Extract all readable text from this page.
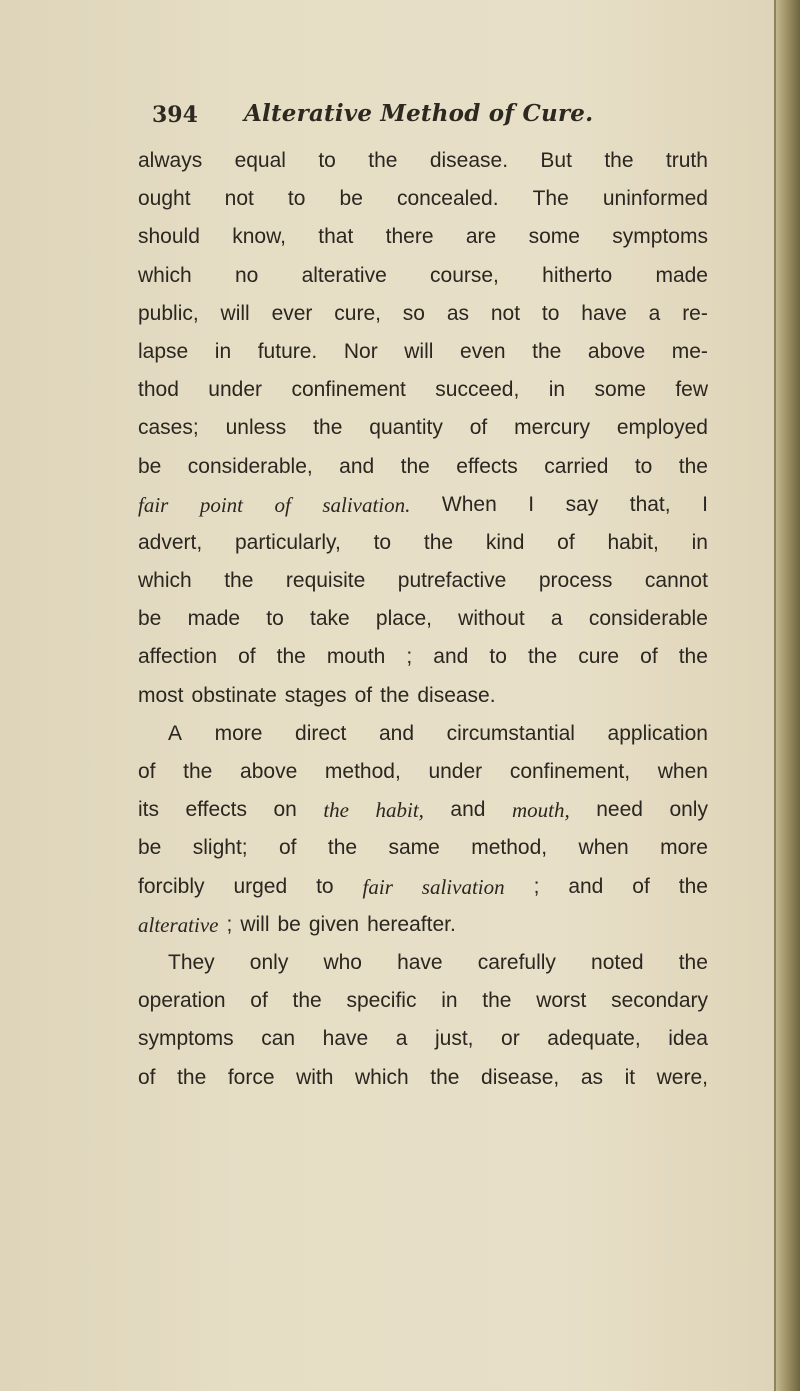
394 Alterative Method of Cure.
always equal to the disease. But the truth
ought not to be concealed. The uninformed
should know, that there are some symptoms
which no alterative course, hitherto made
public, will ever cure, so as not to have a re-
lapse in future. Nor will even the above me-
thod under confinement succeed, in some few
cases; unless the quantity of mercury employed
be considerable, and the effects carried to the
fair point of salivation. When I say that, I
advert, particularly, to the kind of habit, in
which the requisite putrefactive process cannot
be made to take place, without a considerable
affection of the mouth ; and to the cure of the
most obstinate stages of the disease.
A more direct and circumstantial application
of the above method, under confinement, when
its effects on the habit, and mouth, need only
be slight; of the same method, when more
forcibly urged to fair salivation ; and of the
alterative ; will be given hereafter.
They only who have carefully noted the
operation of the specific in the worst secondary
symptoms can have a just, or adequate, idea
of the force with which the disease, as it were,
